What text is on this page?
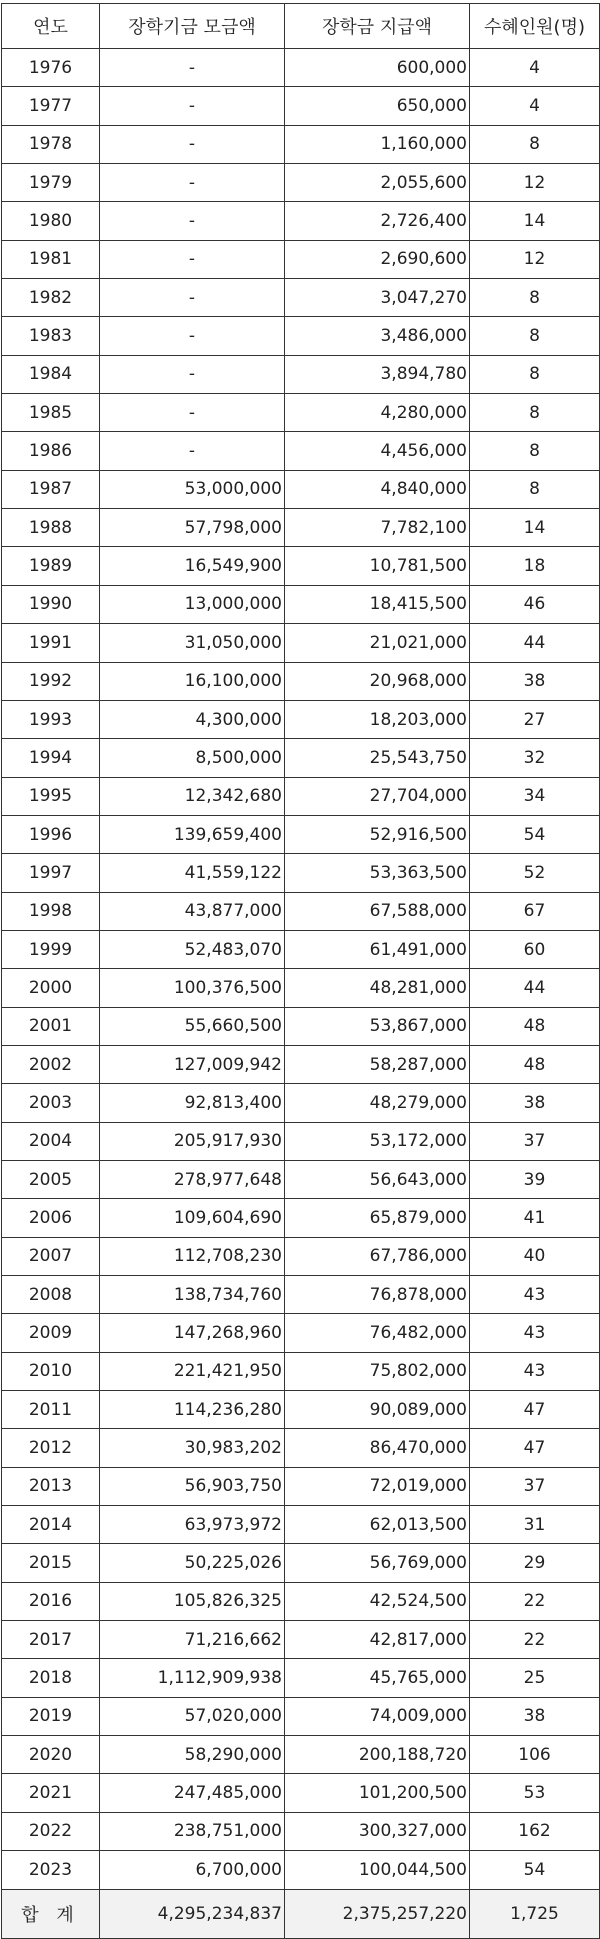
연도	장학기금 모금액	장학금 지급액	수혜인원(명)
1976	-	600,000	4
1977	-	650,000	4
1978	-	1,160,000	8
1979	-	2,055,600	12
1980	-	2,726,400	14
1981	-	2,690,600	12
1982	-	3,047,270	8
1983	-	3,486,000	8
1984	-	3,894,780	8
1985	-	4,280,000	8
1986	-	4,456,000	8
1987	53,000,000	4,840,000	8
1988	57,798,000	7,782,100	14
1989	16,549,900	10,781,500	18
1990	13,000,000	18,415,500	46
1991	31,050,000	21,021,000	44
1992	16,100,000	20,968,000	38
1993	4,300,000	18,203,000	27
1994	8,500,000	25,543,750	32
1995	12,342,680	27,704,000	34
1996	139,659,400	52,916,500	54
1997	41,559,122	53,363,500	52
1998	43,877,000	67,588,000	67
1999	52,483,070	61,491,000	60
2000	100,376,500	48,281,000	44
2001	55,660,500	53,867,000	48
2002	127,009,942	58,287,000	48
2003	92,813,400	48,279,000	38
2004	205,917,930	53,172,000	37
2005	278,977,648	56,643,000	39
2006	109,604,690	65,879,000	41
2007	112,708,230	67,786,000	40
2008	138,734,760	76,878,000	43
2009	147,268,960	76,482,000	43
2010	221,421,950	75,802,000	43
2011	114,236,280	90,089,000	47
2012	30,983,202	86,470,000	47
2013	56,903,750	72,019,000	37
2014	63,973,972	62,013,500	31
2015	50,225,026	56,769,000	29
2016	105,826,325	42,524,500	22
2017	71,216,662	42,817,000	22
2018	1,112,909,938	45,765,000	25
2019	57,020,000	74,009,000	38
2020	58,290,000	200,188,720	106
2021	247,485,000	101,200,500	53
2022	238,751,000	300,327,000	162
2023	6,700,000	100,044,500	54
합 계	4,295,234,837	2,375,257,220	1,725
